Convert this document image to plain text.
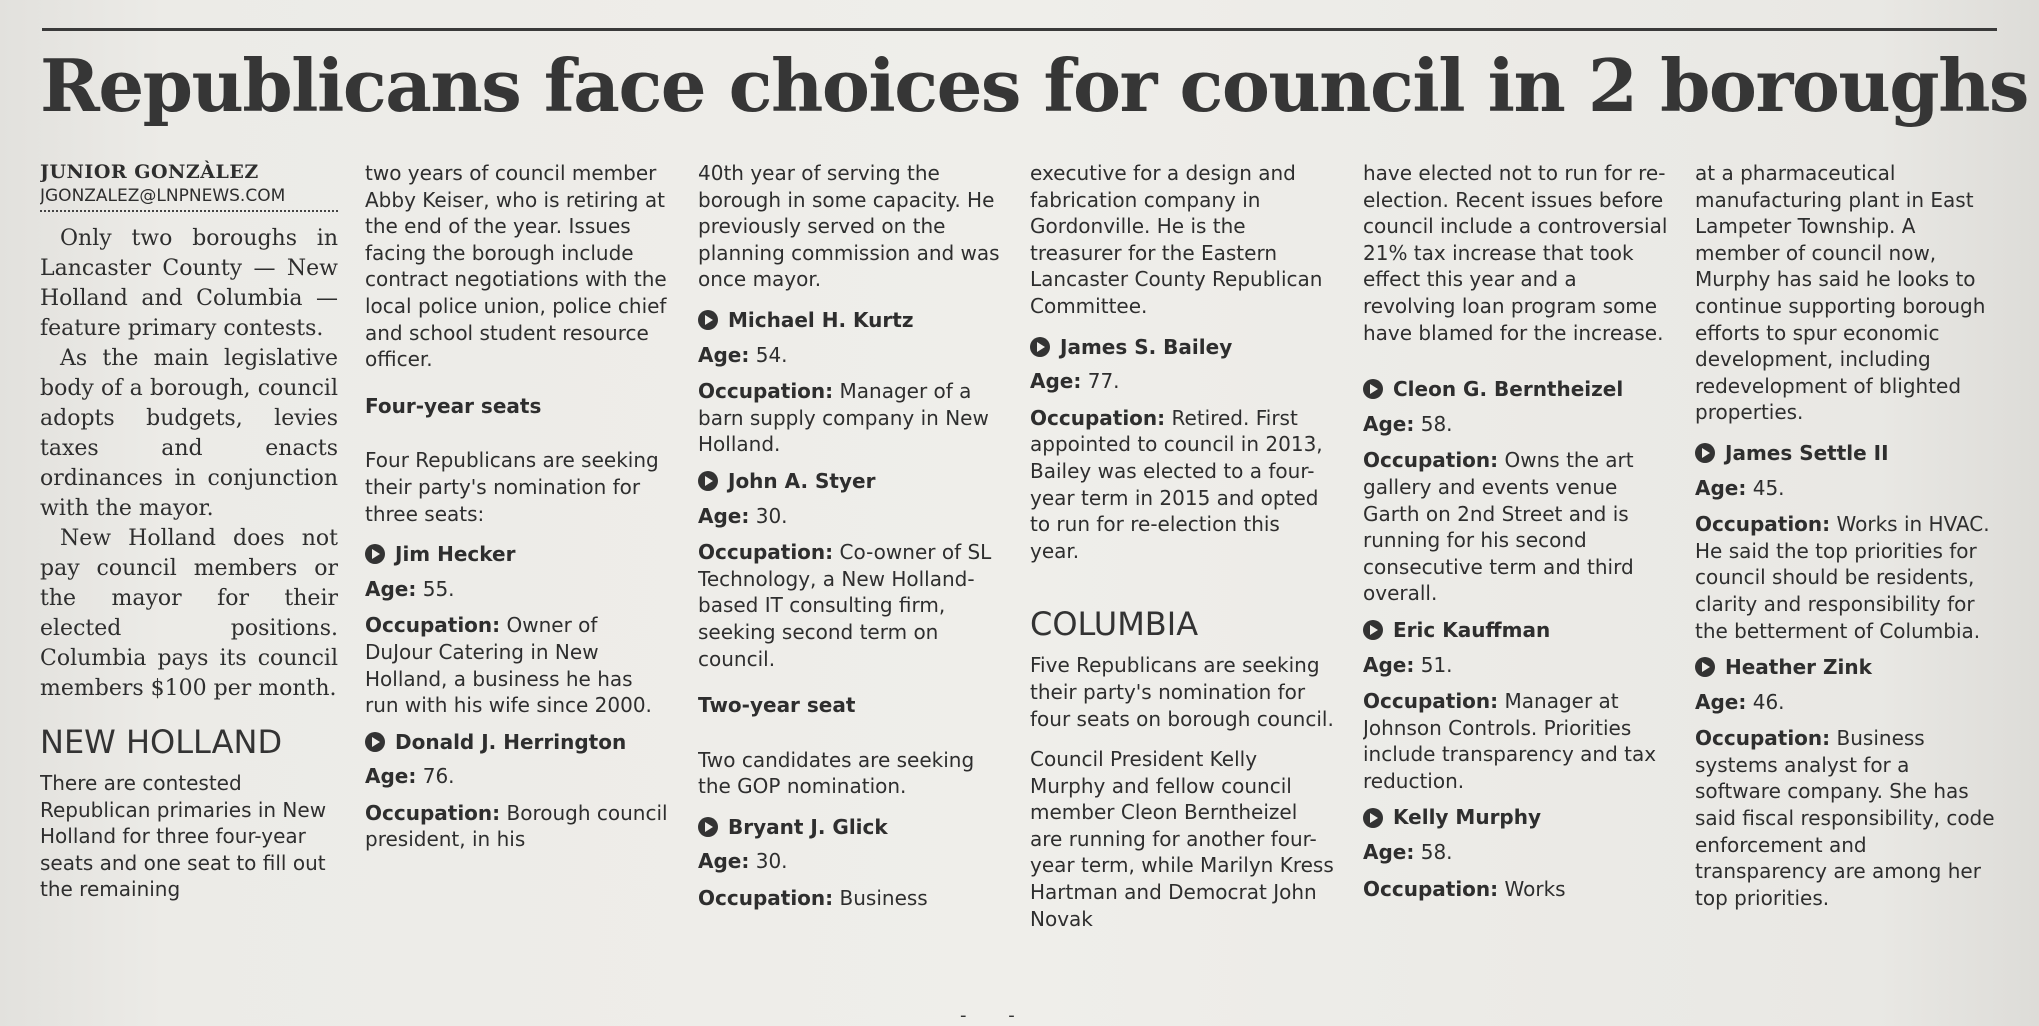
Republicans face choices for council in 2 boroughs
JUNIOR GONZÀLEZ
JGONZALEZ@LNPNEWS.COM

Only two boroughs in Lancaster County — New Holland and Columbia — feature primary contests.

As the main legislative body of a borough, council adopts budgets, levies taxes and enacts ordinances in conjunction with the mayor.

New Holland does not pay council members or the mayor for their elected positions. Columbia pays its council members $100 per month.

NEW HOLLAND

There are contested Republican primaries in New Holland for three four-year seats and one seat to fill out the remaining

two years of council member Abby Keiser, who is retiring at the end of the year. Issues facing the borough include contract negotiations with the local police union, police chief and school student resource officer.

Four-year seats

Four Republicans are seeking their party's nomination for three seats:

Jim Hecker
Age: 55.
Occupation: Owner of DuJour Catering in New Holland, a business he has run with his wife since 2000.
Donald J. Herrington
Age: 76.
Occupation: Borough council president, in his

40th year of serving the borough in some capacity. He previously served on the planning commission and was once mayor.

Michael H. Kurtz
Age: 54.
Occupation: Manager of a barn supply company in New Holland.
John A. Styer
Age: 30.
Occupation: Co-owner of SL Technology, a New Holland-based IT consulting firm, seeking second term on council.
Two-year seat

Two candidates are seeking the GOP nomination.

Bryant J. Glick
Age: 30.
Occupation: Business

executive for a design and fabrication company in Gordonville. He is the treasurer for the Eastern Lancaster County Republican Committee.

James S. Bailey
Age: 77.
Occupation: Retired. First appointed to council in 2013, Bailey was elected to a four-year term in 2015 and opted to run for re-election this year.
COLUMBIA

Five Republicans are seeking their party's nomination for four seats on borough council.

Council President Kelly Murphy and fellow council member Cleon Berntheizel are running for another four-year term, while Marilyn Kress Hartman and Democrat John Novak

have elected not to run for re-election. Recent issues before council include a controversial 21% tax increase that took effect this year and a revolving loan program some have blamed for the increase.

Cleon G. Berntheizel
Age: 58.
Occupation: Owns the art gallery and events venue Garth on 2nd Street and is running for his second consecutive term and third overall.
Eric Kauffman
Age: 51.
Occupation: Manager at Johnson Controls. Priorities include transparency and tax reduction.
Kelly Murphy
Age: 58.
Occupation: Works

at a pharmaceutical manufacturing plant in East Lampeter Township. A member of council now, Murphy has said he looks to continue supporting borough efforts to spur economic development, including redevelopment of blighted properties.

James Settle II
Age: 45.
Occupation: Works in HVAC. He said the top priorities for council should be residents, clarity and responsibility for the betterment of Columbia.
Heather Zink
Age: 46.
Occupation: Business systems analyst for a software company. She has said fiscal responsibility, code enforcement and transparency are among her top priorities.
- -
